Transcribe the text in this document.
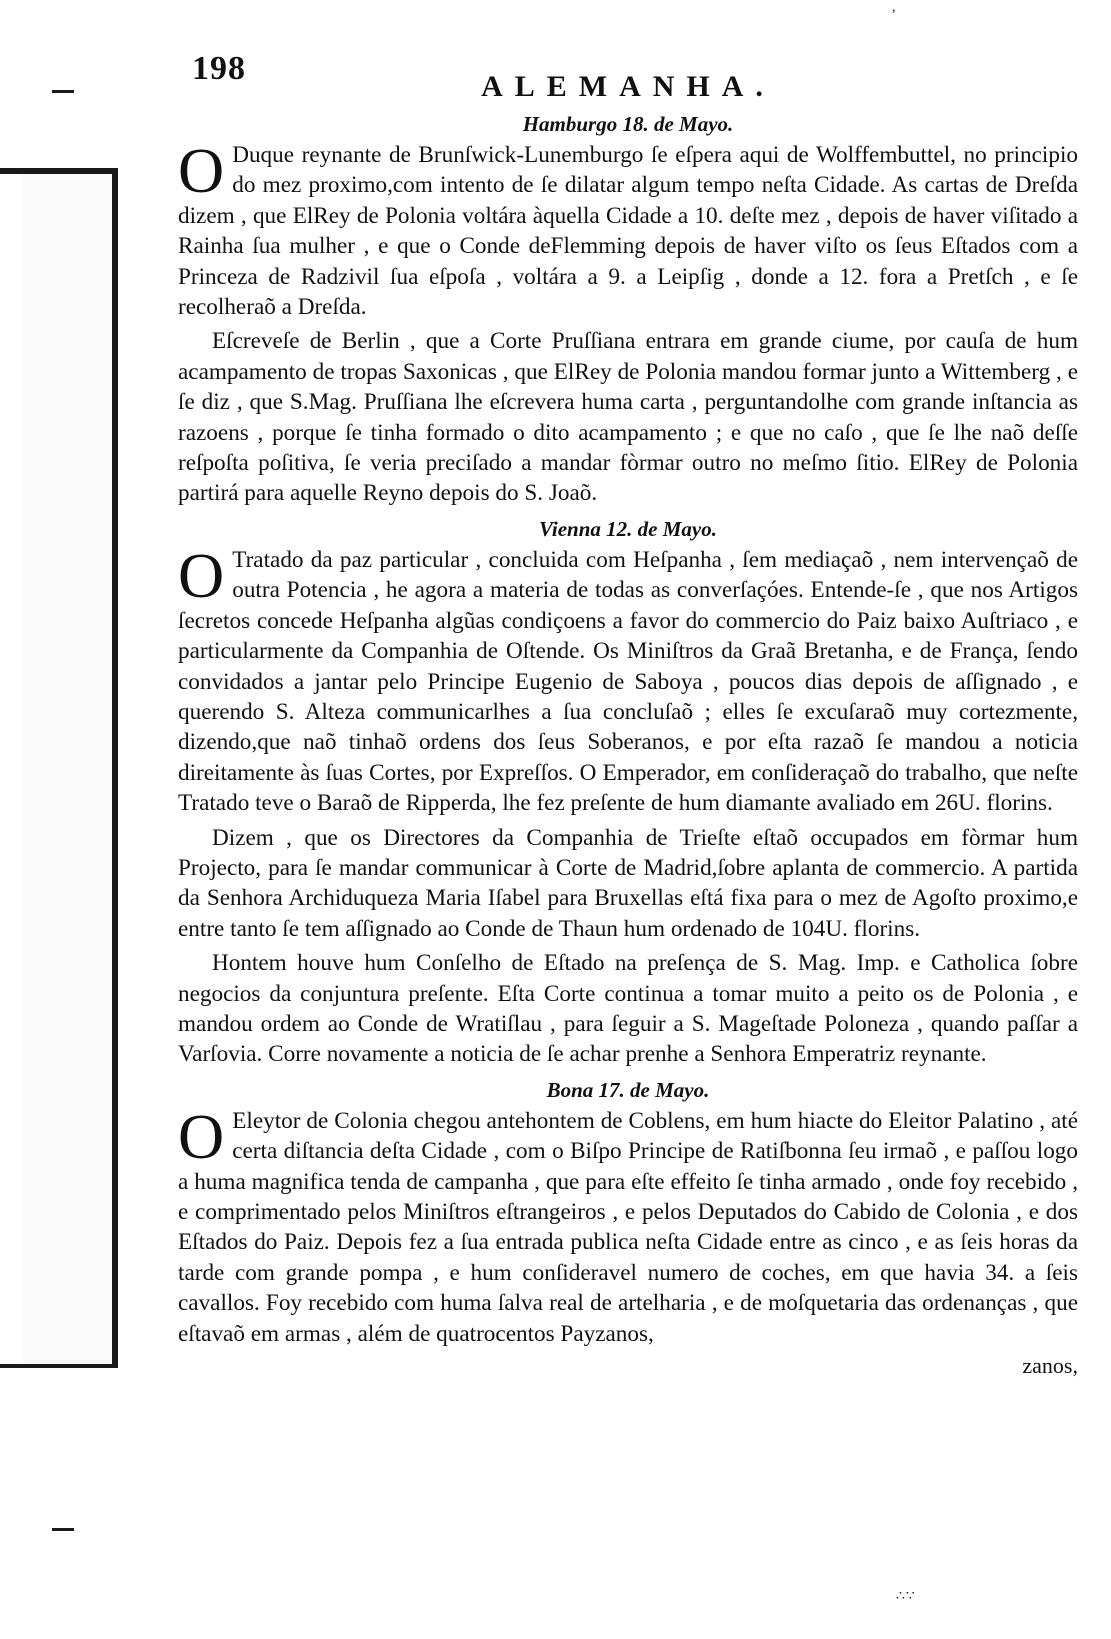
,
198	ALEMANHA.
Hamburgo 18. de Mayo.

O Duque reynante de Brunſwick-Lunemburgo ſe eſpera aqui de Wolffembuttel, no principio do mez proximo,com intento de ſe dilatar algum tempo neſta Cidade. As cartas de Dreſda dizem , que ElRey de Polonia voltára àquella Cidade a 10. deſte mez , depois de haver viſitado a Rainha ſua mulher , e que o Conde deFlemming depois de haver viſto os ſeus Eſtados com a Princeza de Radzivil ſua eſpoſa , voltára a 9. a Leipſig , donde a 12. fora a Pretſch , e ſe recolheraõ a Dreſda.

Eſcreveſe de Berlin , que a Corte Pruſſiana entrara em grande ciume, por cauſa de hum acampamento de tropas Saxonicas , que ElRey de Polonia mandou formar junto a Wittemberg , e ſe diz , que S.Mag. Pruſſiana lhe eſcrevera huma carta , perguntandolhe com grande inſtancia as razoens , porque ſe tinha formado o dito acampamento ; e que no caſo , que ſe lhe naõ deſſe reſpoſta poſitiva, ſe veria preciſado a mandar fòrmar outro no meſmo ſitio. ElRey de Polonia partirá para aquelle Reyno depois do S. Joaõ.

Vienna 12. de Mayo.

O Tratado da paz particular , concluida com Heſpanha , ſem mediaçaõ , nem intervençaõ de outra Potencia , he agora a materia de todas as converſaçóes. Entende-ſe , que nos Artigos ſecretos concede Heſpanha algũas condiçoens a favor do commercio do Paiz baixo Auſtriaco , e particularmente da Companhia de Oſtende. Os Miniſtros da Graã Bretanha, e de França, ſendo convidados a jantar pelo Principe Eugenio de Saboya , poucos dias depois de aſſignado , e querendo S. Alteza communicarlhes a ſua concluſaõ ; elles ſe excuſaraõ muy cortezmente, dizendo,que naõ tinhaõ ordens dos ſeus Soberanos, e por eſta razaõ ſe mandou a noticia direitamente às ſuas Cortes, por Expreſſos. O Emperador, em conſideraçaõ do trabalho, que neſte Tratado teve o Baraõ de Ripperda, lhe fez preſente de hum diamante avaliado em 26U. florins.

Dizem , que os Directores da Companhia de Trieſte eſtaõ occupados em fòrmar hum Projecto, para ſe mandar communicar à Corte de Madrid,ſobre aplanta de commercio. A partida da Senhora Archiduqueza Maria Iſabel para Bruxellas eſtá fixa para o mez de Agoſto proximo,e entre tanto ſe tem aſſignado ao Conde de Thaun hum ordenado de 104U. florins.

Hontem houve hum Conſelho de Eſtado na preſença de S. Mag. Imp. e Catholica ſobre negocios da conjuntura preſente. Eſta Corte continua a tomar muito a peito os de Polonia , e mandou ordem ao Conde de Wratiſlau , para ſeguir a S. Mageſtade Poloneza , quando paſſar a Varſovia. Corre novamente a noticia de ſe achar prenhe a Senhora Emperatriz reynante.

Bona 17. de Mayo.

O Eleytor de Colonia chegou antehontem de Coblens, em hum hiacte do Eleitor Palatino , até certa diſtancia deſta Cidade , com o Biſpo Principe de Ratiſbonna ſeu irmaõ , e paſſou logo a huma magnifica tenda de campanha , que para eſte effeito ſe tinha armado , onde foy recebido , e comprimentado pelos Miniſtros eſtrangeiros , e pelos Deputados do Cabido de Colonia , e dos Eſtados do Paiz. Depois fez a ſua entrada publica neſta Cidade entre as cinco , e as ſeis horas da tarde com grande pompa , e hum conſideravel numero de coches, em que havia 34. a ſeis cavallos. Foy recebido com huma ſalva real de artelharia , e de moſquetaria das ordenanças , que eſtavaõ em armas , além de quatrocentos Payzanos,

zanos,
∴∵
